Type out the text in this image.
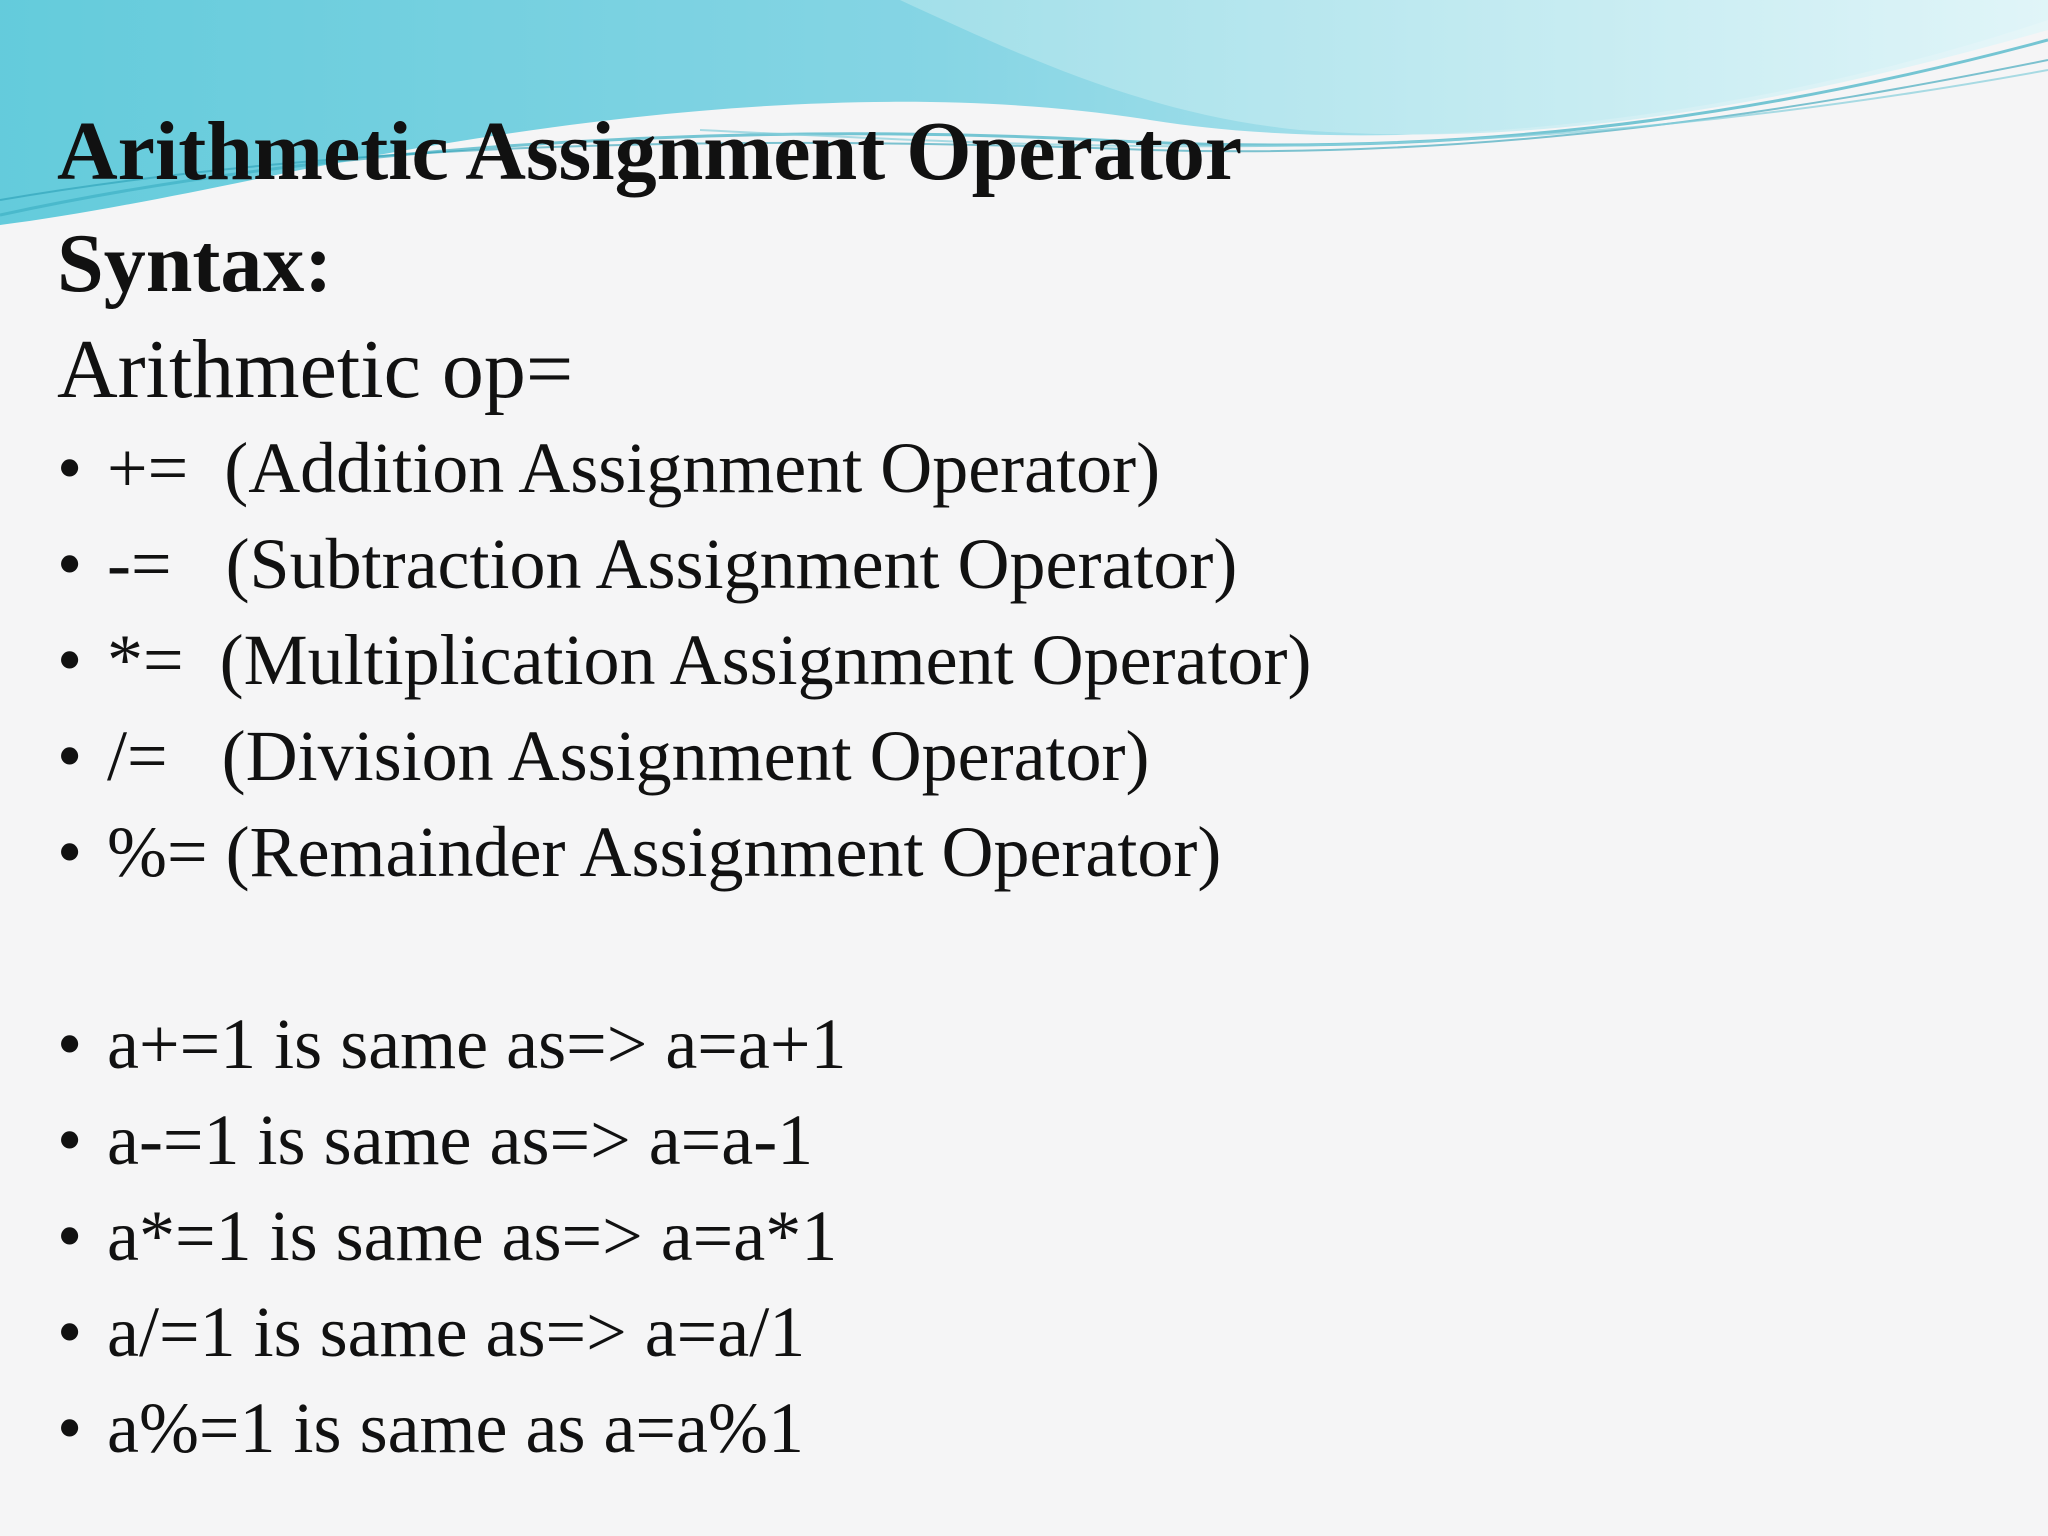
Arithmetic Assignment Operator

Syntax:

Arithmetic op=

• +=  (Addition Assignment Operator)
• -=   (Subtraction Assignment Operator)
• *=  (Multiplication Assignment Operator)
• /=   (Division Assignment Operator)
• %= (Remainder Assignment Operator)
• a+=1 is same as=> a=a+1
• a-=1 is same as=> a=a-1
• a*=1 is same as=> a=a*1
• a/=1 is same as=> a=a/1
• a%=1 is same as a=a%1
